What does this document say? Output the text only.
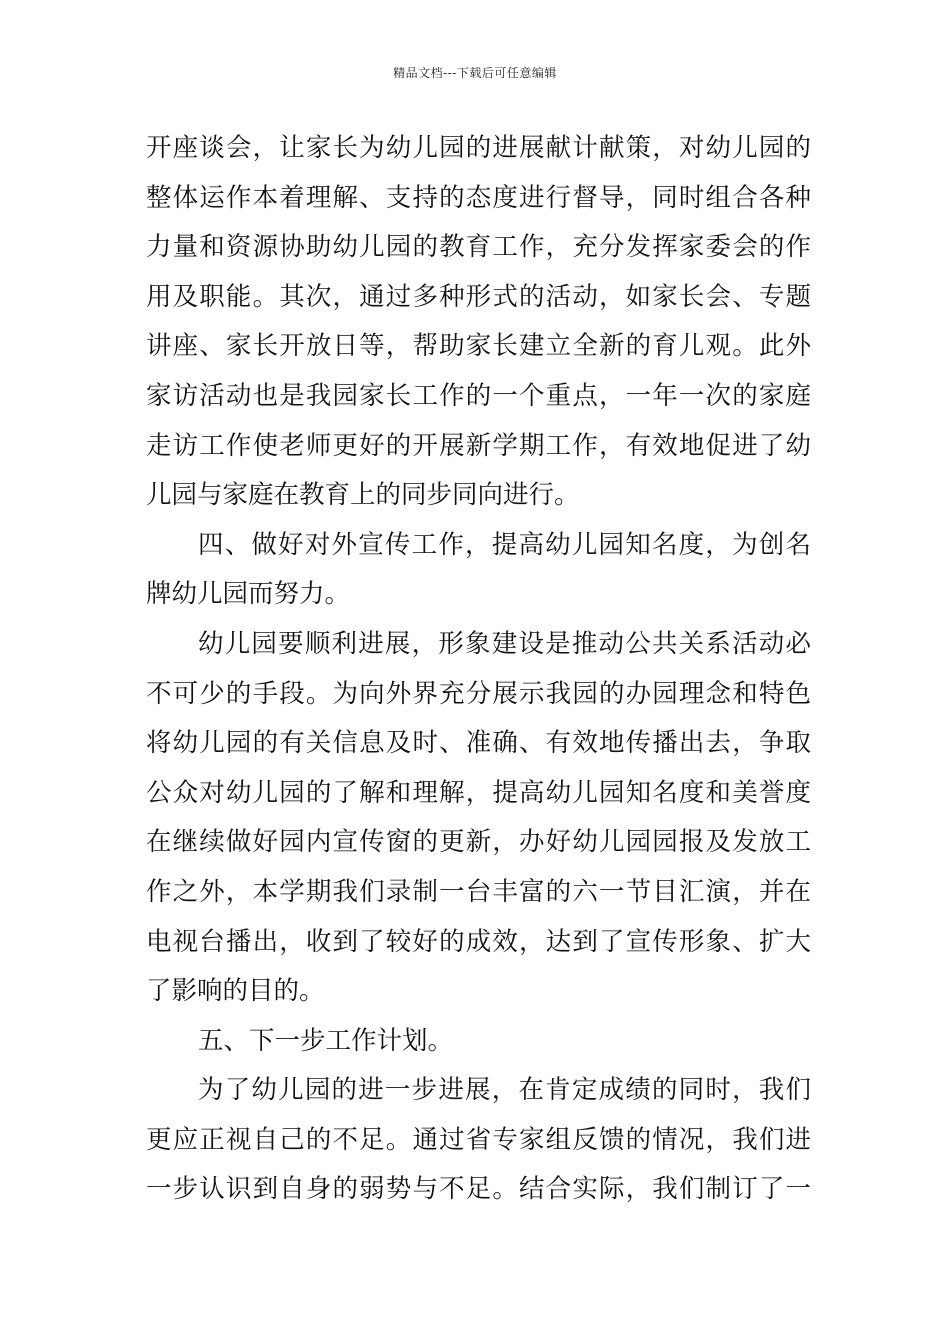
精品文档---下载后可任意编辑
开座谈会，让家长为幼儿园的进展献计献策，对幼儿园的
整体运作本着理解、支持的态度进行督导，同时组合各种
力量和资源协助幼儿园的教育工作，充分发挥家委会的作
用及职能。其次，通过多种形式的活动，如家长会、专题
讲座、家长开放日等，帮助家长建立全新的育儿观。此外
家访活动也是我园家长工作的一个重点，一年一次的家庭
走访工作使老师更好的开展新学期工作，有效地促进了幼
儿园与家庭在教育上的同步同向进行。
四、做好对外宣传工作，提高幼儿园知名度，为创名
牌幼儿园而努力。
幼儿园要顺利进展，形象建设是推动公共关系活动必
不可少的手段。为向外界充分展示我园的办园理念和特色
将幼儿园的有关信息及时、准确、有效地传播出去，争取
公众对幼儿园的了解和理解，提高幼儿园知名度和美誉度
在继续做好园内宣传窗的更新，办好幼儿园园报及发放工
作之外，本学期我们录制一台丰富的六一节目汇演，并在
电视台播出，收到了较好的成效，达到了宣传形象、扩大
了影响的目的。
五、下一步工作计划。
为了幼儿园的进一步进展，在肯定成绩的同时，我们
更应正视自己的不足。通过省专家组反馈的情况，我们进
一步认识到自身的弱势与不足。结合实际，我们制订了一
